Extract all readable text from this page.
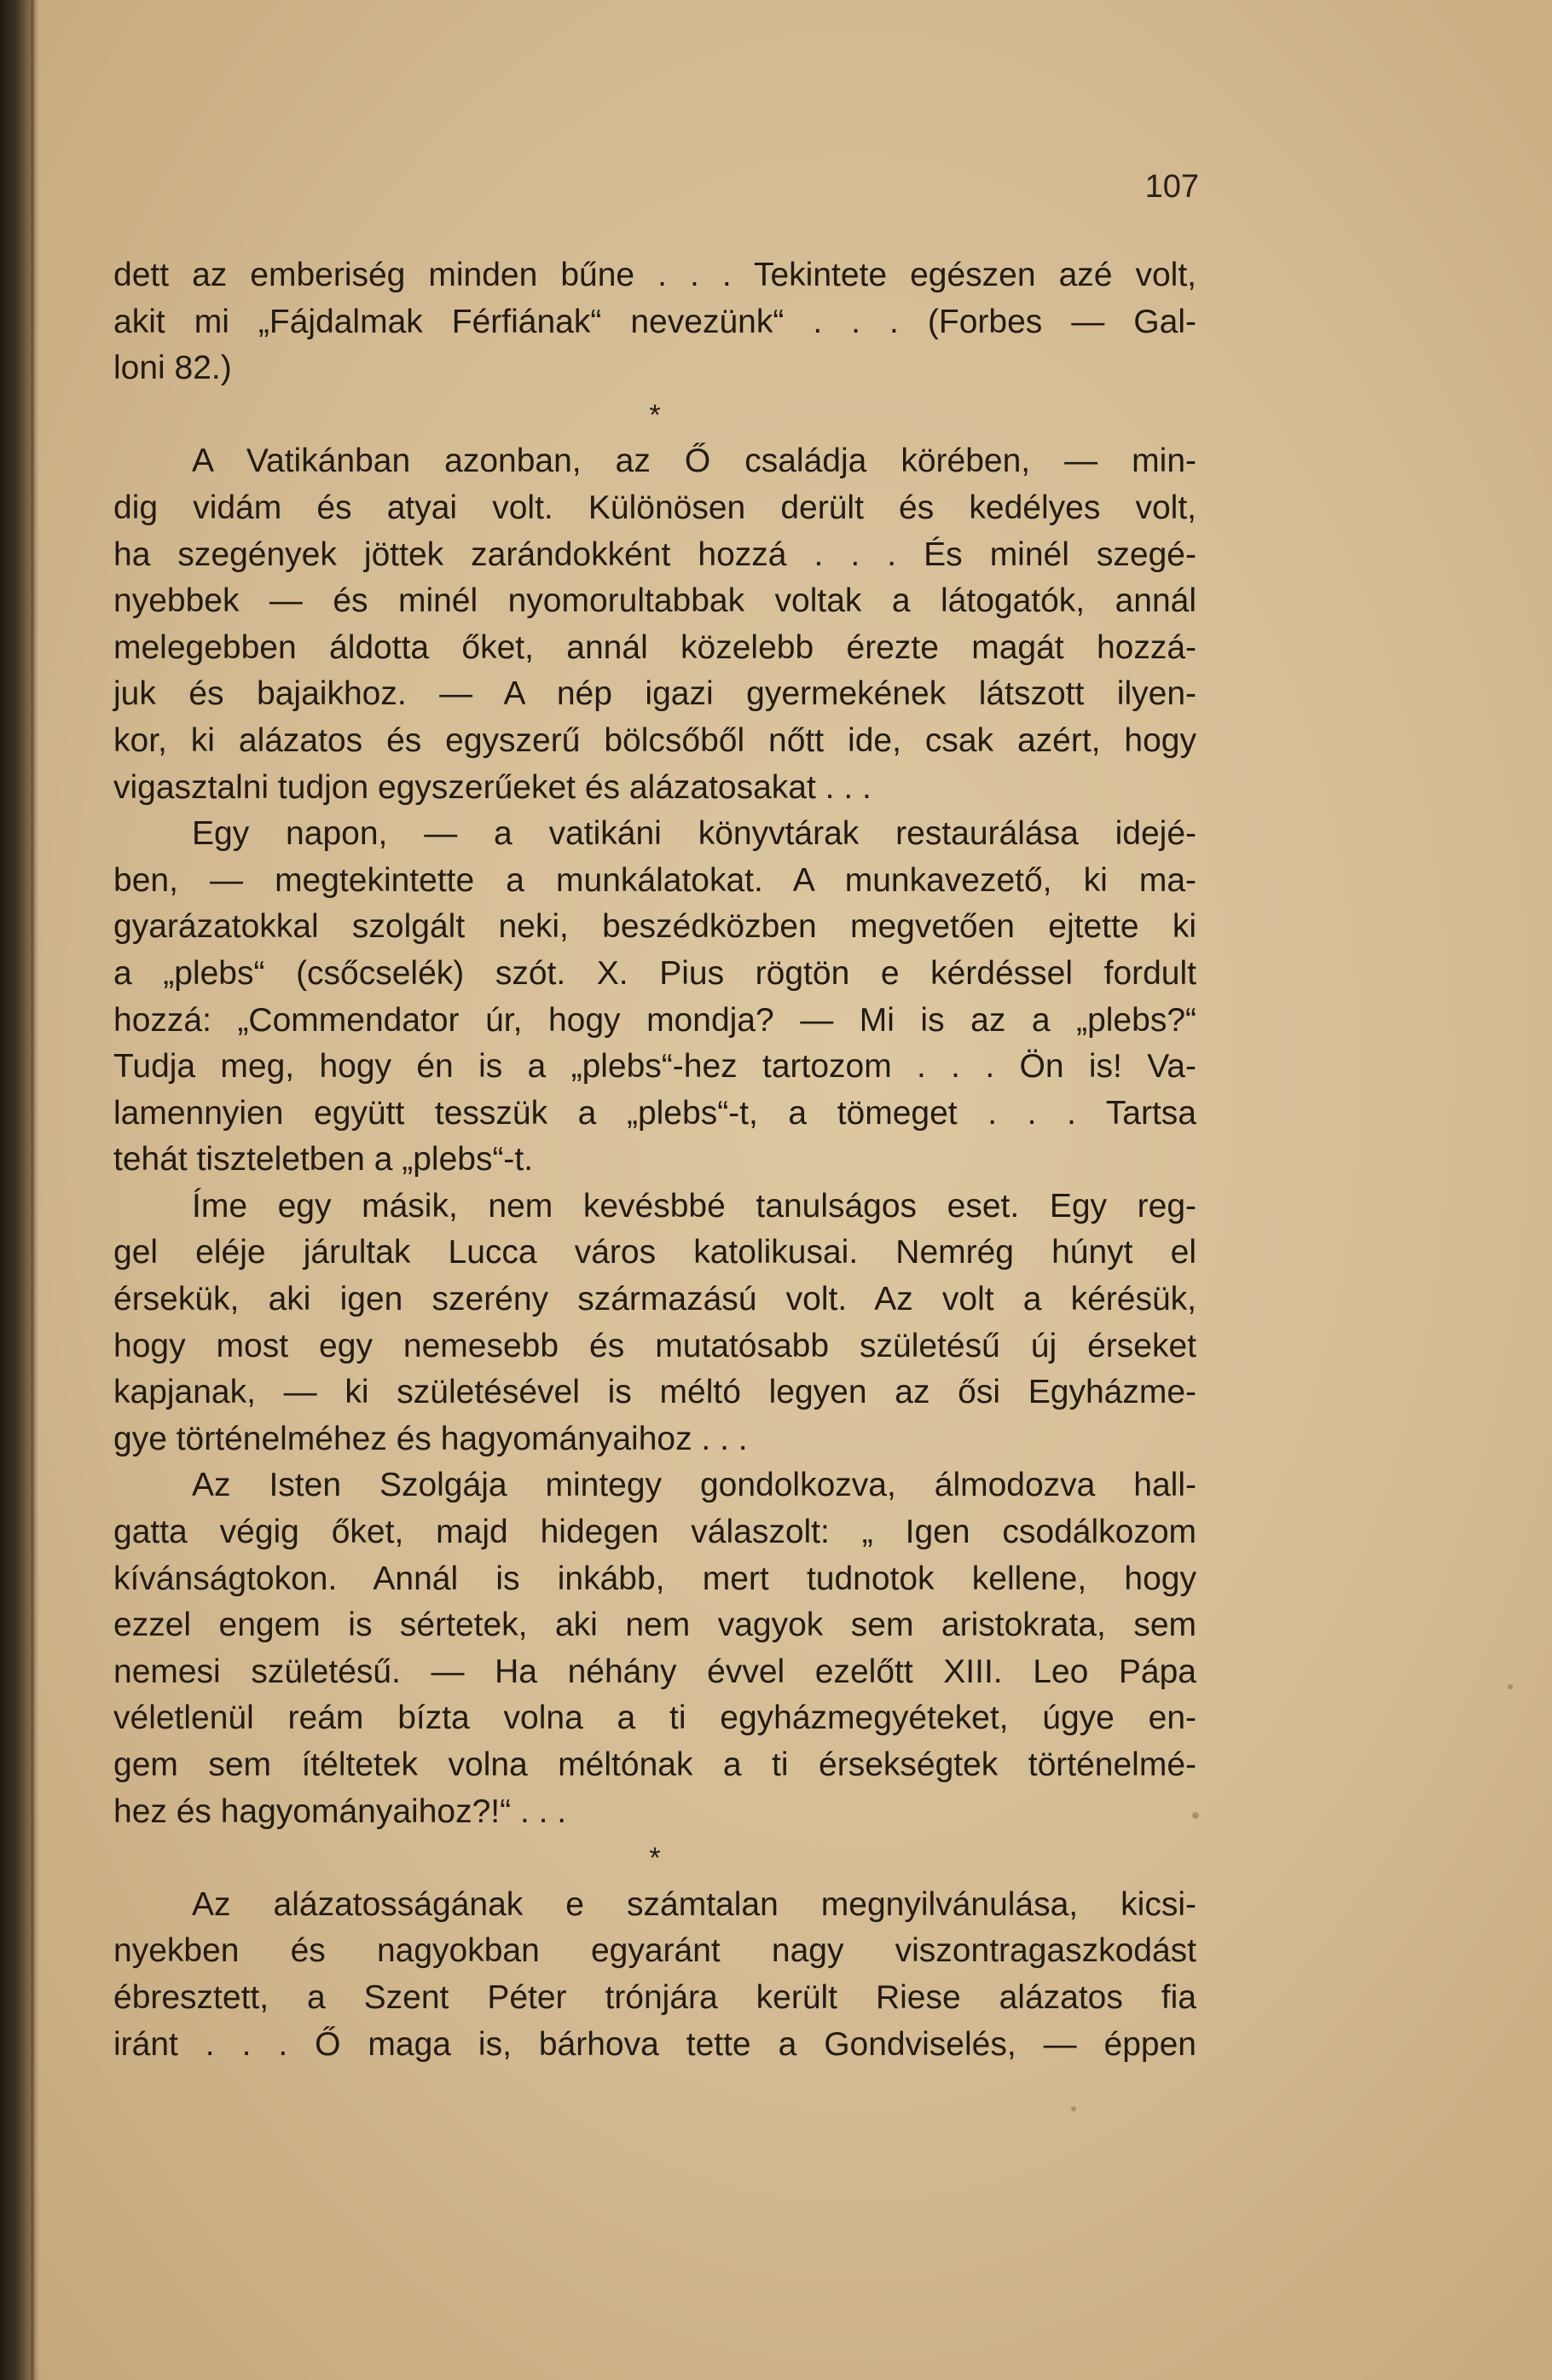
107
dett az emberiség minden bűne . . . Tekintete egészen azé volt,
akit mi „Fájdalmak Férfiának“ nevezünk“ . . . (Forbes — Gal-
loni 82.)
*
A Vatikánban azonban, az Ő családja körében, — min-
dig vidám és atyai volt. Különösen derült és kedélyes volt,
ha szegények jöttek zarándokként hozzá . . . És minél szegé-
nyebbek — és minél nyomorultabbak voltak a látogatók, annál
melegebben áldotta őket, annál közelebb érezte magát hozzá-
juk és bajaikhoz. — A nép igazi gyermekének látszott ilyen-
kor, ki alázatos és egyszerű bölcsőből nőtt ide, csak azért, hogy
vigasztalni tudjon egyszerűeket és alázatosakat . . .
Egy napon, — a vatikáni könyvtárak restaurálása idejé-
ben, — megtekintette a munkálatokat. A munkavezető, ki ma-
gyarázatokkal szolgált neki, beszédközben megvetően ejtette ki
a „plebs“ (csőcselék) szót. X. Pius rögtön e kérdéssel fordult
hozzá: „Commendator úr, hogy mondja? — Mi is az a „plebs?“
Tudja meg, hogy én is a „plebs“-hez tartozom . . . Ön is! Va-
lamennyien együtt tesszük a „plebs“-t, a tömeget . . . Tartsa
tehát tiszteletben a „plebs“-t.
Íme egy másik, nem kevésbbé tanulságos eset. Egy reg-
gel eléje járultak Lucca város katolikusai. Nemrég húnyt el
érsekük, aki igen szerény származású volt. Az volt a kérésük,
hogy most egy nemesebb és mutatósabb születésű új érseket
kapjanak, — ki születésével is méltó legyen az ősi Egyházme-
gye történelméhez és hagyományaihoz . . .
Az Isten Szolgája mintegy gondolkozva, álmodozva hall-
gatta végig őket, majd hidegen válaszolt: „ Igen csodálkozom
kívánságtokon. Annál is inkább, mert tudnotok kellene, hogy
ezzel engem is sértetek, aki nem vagyok sem aristokrata, sem
nemesi születésű. — Ha néhány évvel ezelőtt XIII. Leo Pápa
véletlenül reám bízta volna a ti egyházmegyéteket, úgye en-
gem sem ítéltetek volna méltónak a ti érsekségtek történelmé-
hez és hagyományaihoz?!“ . . .
*
Az alázatosságának e számtalan megnyilvánulása, kicsi-
nyekben és nagyokban egyaránt nagy viszontragaszkodást
ébresztett, a Szent Péter trónjára került Riese alázatos fia
iránt . . . Ő maga is, bárhova tette a Gondviselés, — éppen
